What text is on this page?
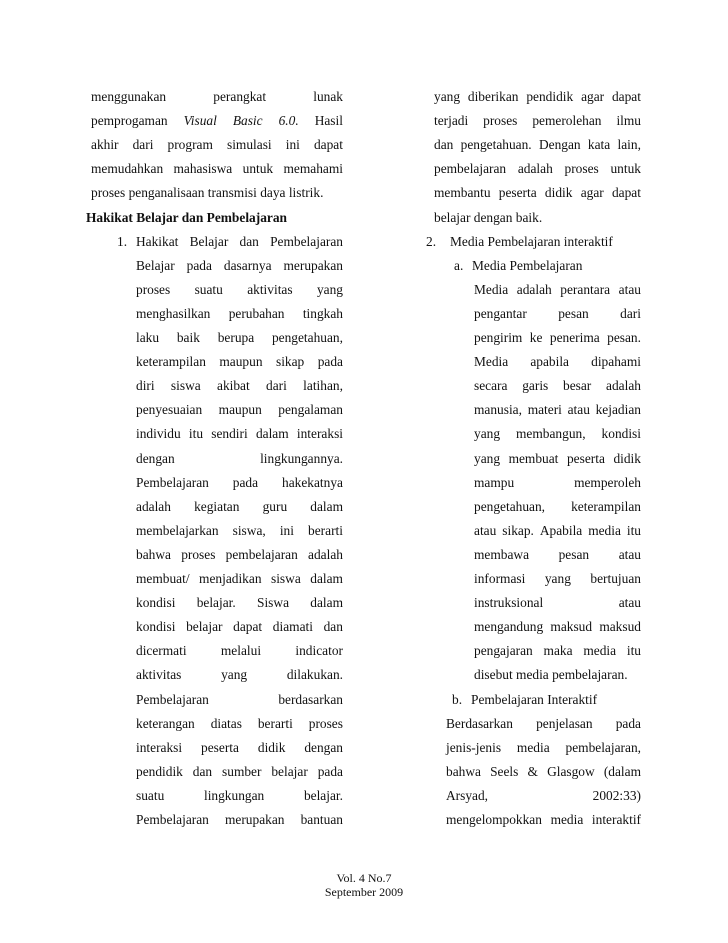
menggunakan	perangkat	lunak
pemprogaman Visual Basic 6.0. Hasil
akhir dari program simulasi ini dapat
memudahkan mahasiswa untuk memahami
proses penganalisaan transmisi daya listrik.
Hakikat Belajar dan Pembelajaran
1. Hakikat Belajar dan Pembelajaran
Belajar pada dasarnya merupakan
proses suatu aktivitas yang
menghasilkan perubahan tingkah
laku baik berupa pengetahuan,
keterampilan maupun sikap pada
diri siswa akibat dari latihan,
penyesuaian maupun pengalaman
individu itu sendiri dalam interaksi
dengan	lingkungannya.
Pembelajaran pada hakekatnya
adalah kegiatan guru dalam
membelajarkan siswa, ini berarti
bahwa proses pembelajaran adalah
membuat/ menjadikan siswa dalam
kondisi belajar. Siswa dalam
kondisi belajar dapat diamati dan
dicermati	melalui	indicator
aktivitas	yang	dilakukan.
Pembelajaran	berdasarkan
keterangan diatas berarti proses
interaksi peserta didik dengan
pendidik dan sumber belajar pada
suatu	lingkungan	belajar.
Pembelajaran merupakan bantuan
yang diberikan pendidik agar dapat
terjadi proses pemerolehan ilmu
dan pengetahuan. Dengan kata lain,
pembelajaran adalah proses untuk
membantu peserta didik agar dapat
belajar dengan baik.
2. Media Pembelajaran interaktif
a. Media Pembelajaran
Media adalah perantara atau
pengantar pesan dari
pengirim ke penerima pesan.
Media apabila dipahami
secara garis besar adalah
manusia, materi atau kejadian
yang membangun, kondisi
yang membuat peserta didik
mampu	memperoleh
pengetahuan, keterampilan
atau sikap. Apabila media itu
membawa pesan atau
informasi yang bertujuan
instruksional	atau
mengandung maksud maksud
pengajaran maka media itu
disebut media pembelajaran.
b. Pembelajaran Interaktif
Berdasarkan penjelasan pada
jenis-jenis media pembelajaran,
bahwa Seels & Glasgow (dalam
Arsyad,	2002:33)
mengelompokkan media interaktif
Vol. 4 No.7
September 2009
